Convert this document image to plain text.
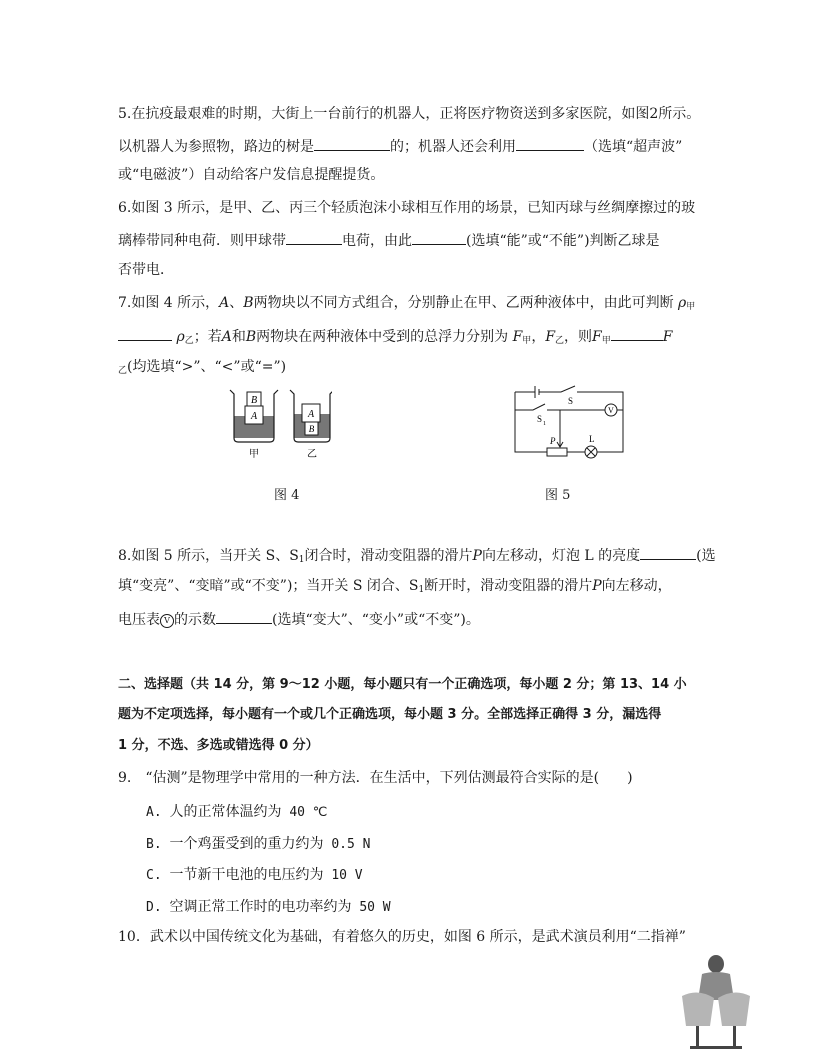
5.在抗疫最艰难的时期，大街上一台前行的机器人，正将医疗物资送到多家医院，如图2所示。
以机器人为参照物，路边的树是	的；机器人还会利用	（选填“超声波”
或“电磁波”）自动给客户发信息提醒提货。
6.如图 3 所示，是甲、乙、丙三个轻质泡沫小球相互作用的场景，已知丙球与丝绸摩擦过的玻
璃棒带同种电荷．则甲球带	电荷，由此	(选填“能”或“不能”)判断乙球是
否带电．
7.如图 4 所示，A、B两物块以不同方式组合，分别静止在甲、乙两种液体中，由此可判断 $\rho_甲$
$\rho_乙$；若A和B两物块在两种液体中受到的总浮力分别为 $F_甲$，$F_乙$，则$F_甲$	F
$_乙$(均选填“>”、“<”或“=”)
B
A
甲
A
B
乙
S
S 1
V
P	L
图 4	图 5
8.如图 5 所示，当开关 S、$S_1$闭合时，滑动变阻器的滑片P向左移动，灯泡 L 的亮度	(选
填“变亮”、“变暗”或“不变”)；当开关 S 闭合、$S_1$断开时，滑动变阻器的滑片P向左移动，
电压表 V 的示数	(选填“变大”、“变小”或“不变”)。
二、选择题（共 14 分，第 9～12 小题，每小题只有一个正确选项，每小题 2 分；第 13、14 小
题为不定项选择，每小题有一个或几个正确选项，每小题 3 分。全部选择正确得 3 分，漏选得
1 分，不选、多选或错选得 0 分）
9.　“估测”是物理学中常用的一种方法．在生活中，下列估测最符合实际的是(　　)
A. 人的正常体温约为 40 ℃
B. 一个鸡蛋受到的重力约为 0.5 N
C. 一节新干电池的电压约为 10 V
D. 空调正常工作时的电功率约为 50 W
10．武术以中国传统文化为基础，有着悠久的历史，如图 6 所示，是武术演员利用“二指禅”
